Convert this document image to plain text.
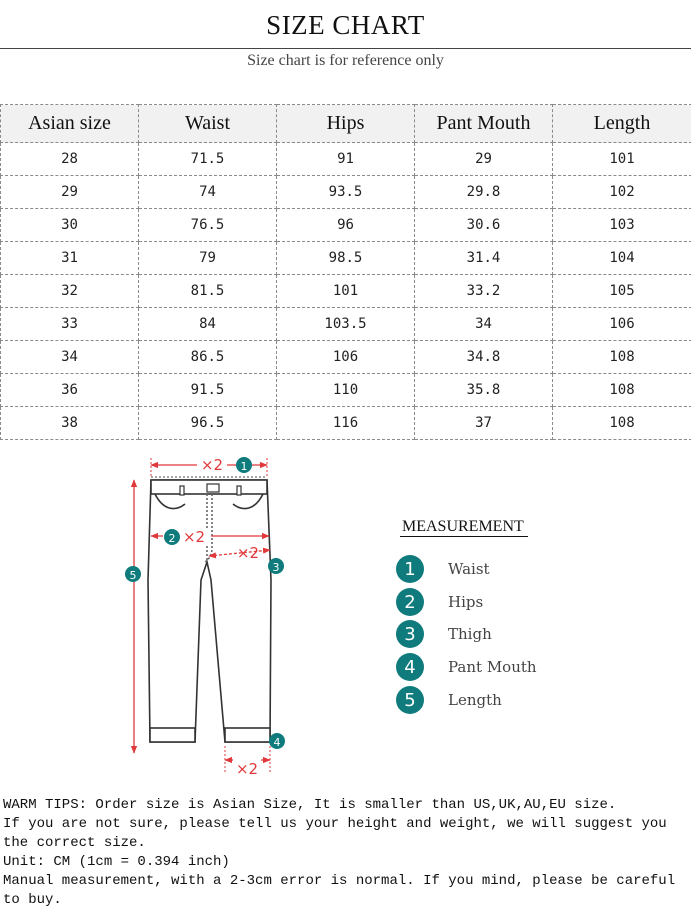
SIZE CHART
Size chart is for reference only
Asian size	Waist	Hips	Pant Mouth	Length
28	71.5	91	29	101
29	74	93.5	29.8	102
30	76.5	96	30.6	103
31	79	98.5	31.4	104
32	81.5	101	33.2	105
33	84	103.5	34	106
34	86.5	106	34.8	108
36	91.5	110	35.8	108
38	96.5	116	37	108
×2 1
2 ×2
×2
3
5
×2
4
MEASUREMENT
1	Waist
2	Hips
3	Thigh
4	Pant Mouth
5	Length

WARM TIPS: Order size is Asian Size, It is smaller than US,UK,AU,EU size.

If you are not sure, please tell us your height and weight, we will suggest you the correct size.

Unit: CM (1cm = 0.394 inch)

Manual measurement, with a 2-3cm error is normal. If you mind, please be careful to buy.
